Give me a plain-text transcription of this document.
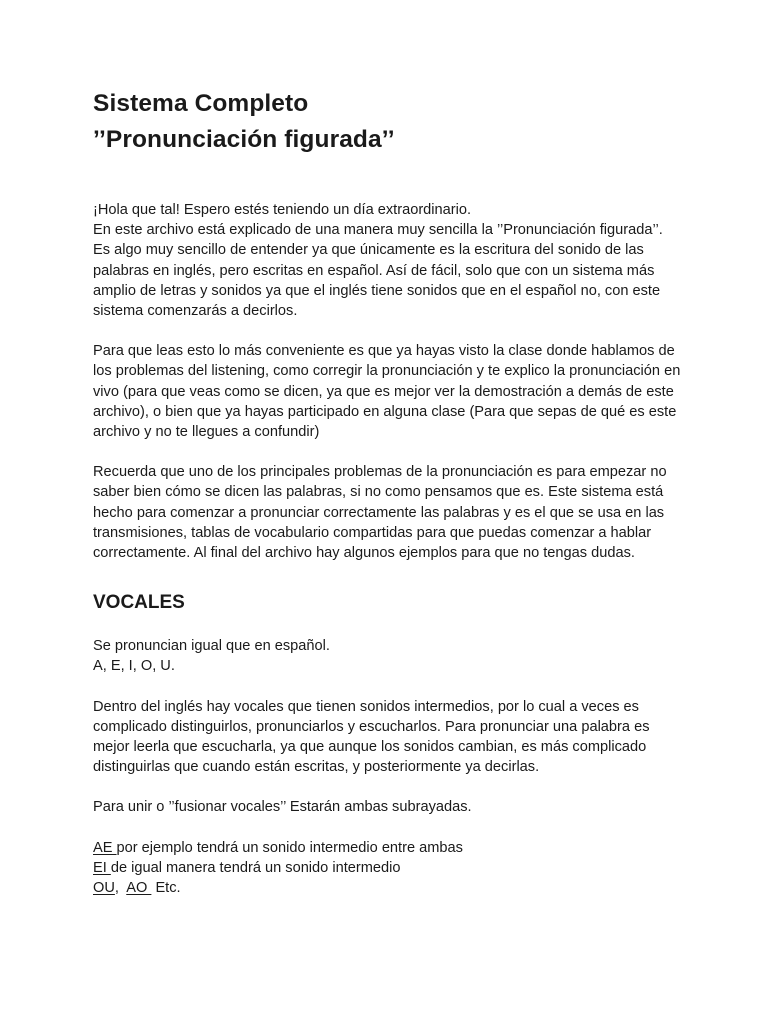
Sistema Completo
’’Pronunciación figurada’’

¡Hola que tal! Espero estés teniendo un día extraordinario.
En este archivo está explicado de una manera muy sencilla la ’’Pronunciación figurada’’. Es algo muy sencillo de entender ya que únicamente es la escritura del sonido de las palabras en inglés, pero escritas en español. Así de fácil, solo que con un sistema más amplio de letras y sonidos ya que el inglés tiene sonidos que en el español no, con este sistema comenzarás a decirlos.

Para que leas esto lo más conveniente es que ya hayas visto la clase donde hablamos de los problemas del listening, como corregir la pronunciación y te explico la pronunciación en vivo (para que veas como se dicen, ya que es mejor ver la demostración a demás de este archivo), o bien que ya hayas participado en alguna clase (Para que sepas de qué es este archivo y no te llegues a confundir)

Recuerda que uno de los principales problemas de la pronunciación es para empezar no saber bien cómo se dicen las palabras, si no como pensamos que es. Este sistema está hecho para comenzar a pronunciar correctamente las palabras y es el que se usa en las transmisiones, tablas de vocabulario compartidas para que puedas comenzar a hablar correctamente. Al final del archivo hay algunos ejemplos para que no tengas dudas.

VOCALES

Se pronuncian igual que en español.
A, E, I, O, U.

Dentro del inglés hay vocales que tienen sonidos intermedios, por lo cual a veces es complicado distinguirlos, pronunciarlos y escucharlos. Para pronunciar una palabra es mejor leerla que escucharla, ya que aunque los sonidos cambian, es más complicado distinguirlas que cuando están escritas, y posteriormente ya decirlas.

Para unir o ’’fusionar vocales’’ Estarán ambas subrayadas.

AE por ejemplo tendrá un sonido intermedio entre ambas
EI de igual manera tendrá un sonido intermedio
OU,  AO  Etc.
